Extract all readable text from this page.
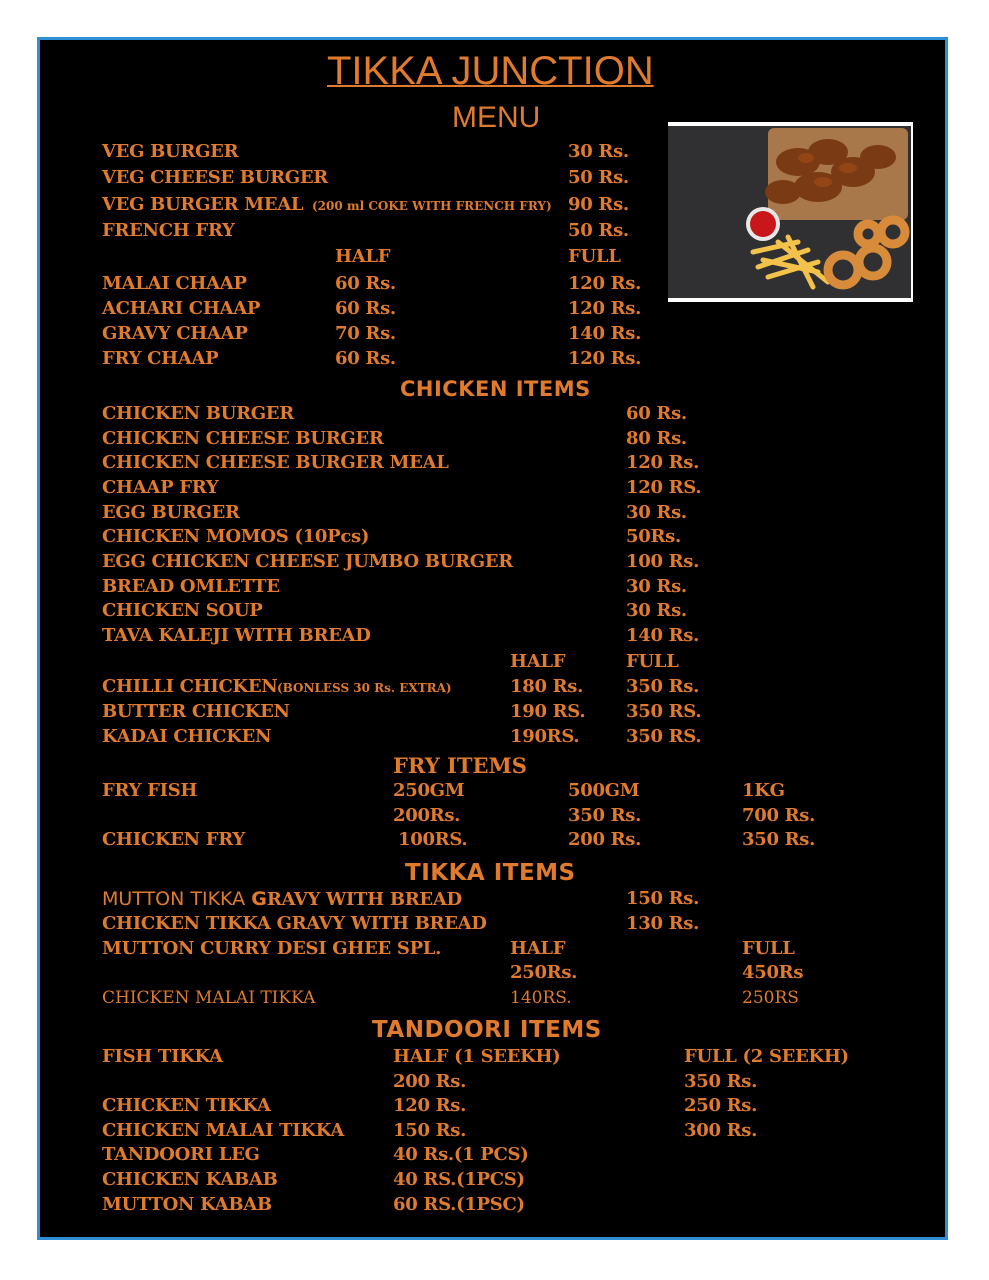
TIKKA JUNCTION
MENU
VEG BURGER	30 Rs.
VEG CHEESE BURGER	50 Rs.
VEG BURGER MEAL (200 ml COKE WITH FRENCH FRY) 90 Rs.
FRENCH FRY	50 Rs.
HALF	FULL
MALAI CHAAP	60 Rs.	120 Rs.
ACHARI CHAAP	60 Rs.	120 Rs.
GRAVY CHAAP	70 Rs.	140 Rs.
FRY CHAAP	60 Rs.	120 Rs.
CHICKEN ITEMS
CHICKEN BURGER	60 Rs.
CHICKEN CHEESE BURGER	80 Rs.
CHICKEN CHEESE BURGER MEAL	120 Rs.
CHAAP FRY	120 RS.
EGG BURGER	30 Rs.
CHICKEN MOMOS (10Pcs)	50Rs.
EGG CHICKEN CHEESE JUMBO BURGER	100 Rs.
BREAD OMLETTE	30 Rs.
CHICKEN SOUP	30 Rs.
TAVA KALEJI WITH BREAD	140 Rs.
HALF	FULL
CHILLI CHICKEN (BONLESS 30 Rs. EXTRA)	180 Rs. 350 Rs.
BUTTER CHICKEN	190 RS. 350 RS.
KADAI CHICKEN	190RS.	350 RS.
FRY ITEMS
FRY FISH	250GM	500GM	1KG
200Rs.	350 Rs.	700 Rs.
CHICKEN FRY	100RS.	200 Rs.	350 Rs.
TIKKA ITEMS
MUTTON TIKKA GRAVY WITH BREAD	150 Rs.
CHICKEN TIKKA GRAVY WITH BREAD	130 Rs.
MUTTON CURRY DESI GHEE SPL.	HALF	FULL
250Rs.	450Rs
CHICKEN MALAI TIKKA	140RS.	250RS
TANDOORI ITEMS
FISH TIKKA	HALF (1 SEEKH)	FULL (2 SEEKH)
200 Rs.	350 Rs.
CHICKEN TIKKA	120 Rs.	250 Rs.
CHICKEN MALAI TIKKA	150 Rs.	300 Rs.
TANDOORI LEG	40 Rs.(1 PCS)
CHICKEN KABAB	40 RS.(1PCS)
MUTTON KABAB	60 RS.(1PSC)
